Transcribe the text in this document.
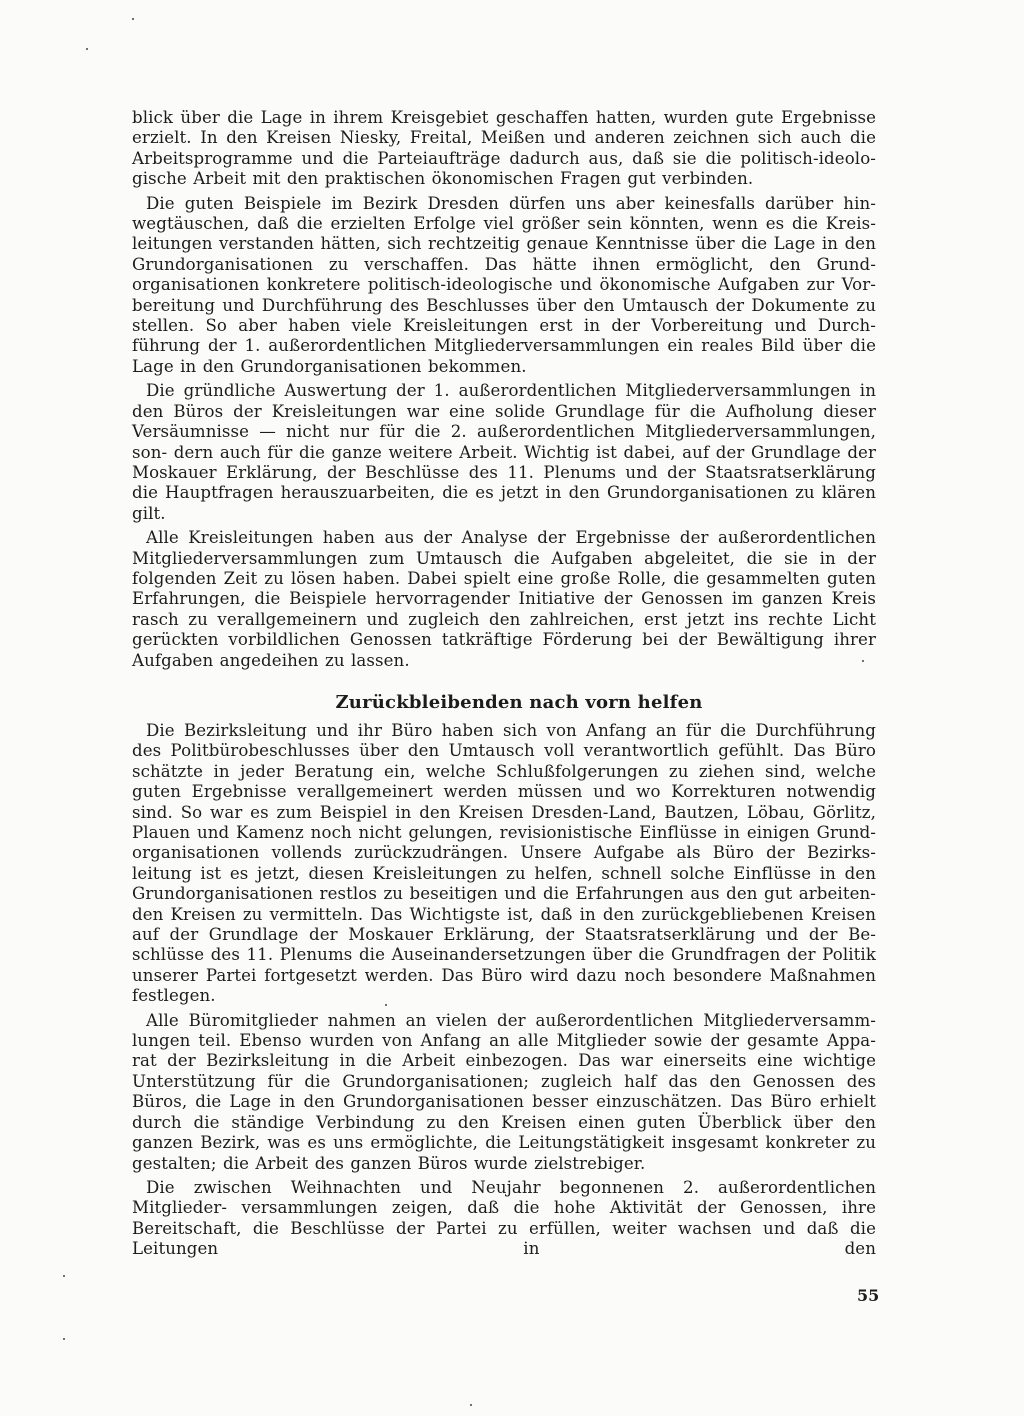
blick über die Lage in ihrem Kreisgebiet geschaffen hatten, wurden gute Ergebnisse erzielt. In den Kreisen Niesky, Freital, Meißen und anderen zeichnen sich auch die Arbeitsprogramme und die Parteiaufträge dadurch aus, daß sie die politisch-ideolo- gische Arbeit mit den praktischen ökonomischen Fragen gut verbinden.

Die guten Beispiele im Bezirk Dresden dürfen uns aber keinesfalls darüber hin- wegtäuschen, daß die erzielten Erfolge viel größer sein könnten, wenn es die Kreis- leitungen verstanden hätten, sich rechtzeitig genaue Kenntnisse über die Lage in den Grundorganisationen zu verschaffen. Das hätte ihnen ermöglicht, den Grund- organisationen konkretere politisch-ideologische und ökonomische Aufgaben zur Vor- bereitung und Durchführung des Beschlusses über den Umtausch der Dokumente zu stellen. So aber haben viele Kreisleitungen erst in der Vorbereitung und Durch- führung der 1. außerordentlichen Mitgliederversammlungen ein reales Bild über die Lage in den Grundorganisationen bekommen.

Die gründliche Auswertung der 1. außerordentlichen Mitgliederversammlungen in den Büros der Kreisleitungen war eine solide Grundlage für die Aufholung dieser Versäumnisse — nicht nur für die 2. außerordentlichen Mitgliederversammlungen, son- dern auch für die ganze weitere Arbeit. Wichtig ist dabei, auf der Grundlage der Moskauer Erklärung, der Beschlüsse des 11. Plenums und der Staatsratserklärung die Hauptfragen herauszuarbeiten, die es jetzt in den Grundorganisationen zu klären gilt.

Alle Kreisleitungen haben aus der Analyse der Ergebnisse der außerordentlichen Mitgliederversammlungen zum Umtausch die Aufgaben abgeleitet, die sie in der folgenden Zeit zu lösen haben. Dabei spielt eine große Rolle, die gesammelten guten Erfahrungen, die Beispiele hervorragender Initiative der Genossen im ganzen Kreis rasch zu verallgemeinern und zugleich den zahlreichen, erst jetzt ins rechte Licht gerückten vorbildlichen Genossen tatkräftige Förderung bei der Bewältigung ihrer Aufgaben angedeihen zu lassen.

Zurückbleibenden nach vorn helfen

Die Bezirksleitung und ihr Büro haben sich von Anfang an für die Durchführung des Politbürobeschlusses über den Umtausch voll verantwortlich gefühlt. Das Büro schätzte in jeder Beratung ein, welche Schlußfolgerungen zu ziehen sind, welche guten Ergebnisse verallgemeinert werden müssen und wo Korrekturen notwendig sind. So war es zum Beispiel in den Kreisen Dresden-Land, Bautzen, Löbau, Görlitz, Plauen und Kamenz noch nicht gelungen, revisionistische Einflüsse in einigen Grund- organisationen vollends zurückzudrängen. Unsere Aufgabe als Büro der Bezirks- leitung ist es jetzt, diesen Kreisleitungen zu helfen, schnell solche Einflüsse in den Grundorganisationen restlos zu beseitigen und die Erfahrungen aus den gut arbeiten- den Kreisen zu vermitteln. Das Wichtigste ist, daß in den zurückgebliebenen Kreisen auf der Grundlage der Moskauer Erklärung, der Staatsratserklärung und der Be- schlüsse des 11. Plenums die Auseinandersetzungen über die Grundfragen der Politik unserer Partei fortgesetzt werden. Das Büro wird dazu noch besondere Maßnahmen festlegen.

Alle Büromitglieder nahmen an vielen der außerordentlichen Mitgliederversamm- lungen teil. Ebenso wurden von Anfang an alle Mitglieder sowie der gesamte Appa- rat der Bezirksleitung in die Arbeit einbezogen. Das war einerseits eine wichtige Unterstützung für die Grundorganisationen; zugleich half das den Genossen des Büros, die Lage in den Grundorganisationen besser einzuschätzen. Das Büro erhielt durch die ständige Verbindung zu den Kreisen einen guten Überblick über den ganzen Bezirk, was es uns ermöglichte, die Leitungstätigkeit insgesamt konkreter zu gestalten; die Arbeit des ganzen Büros wurde zielstrebiger.

Die zwischen Weihnachten und Neujahr begonnenen 2. außerordentlichen Mitglieder- versammlungen zeigen, daß die hohe Aktivität der Genossen, ihre Bereitschaft, die Beschlüsse der Partei zu erfüllen, weiter wachsen und daß die Leitungen in den

55
